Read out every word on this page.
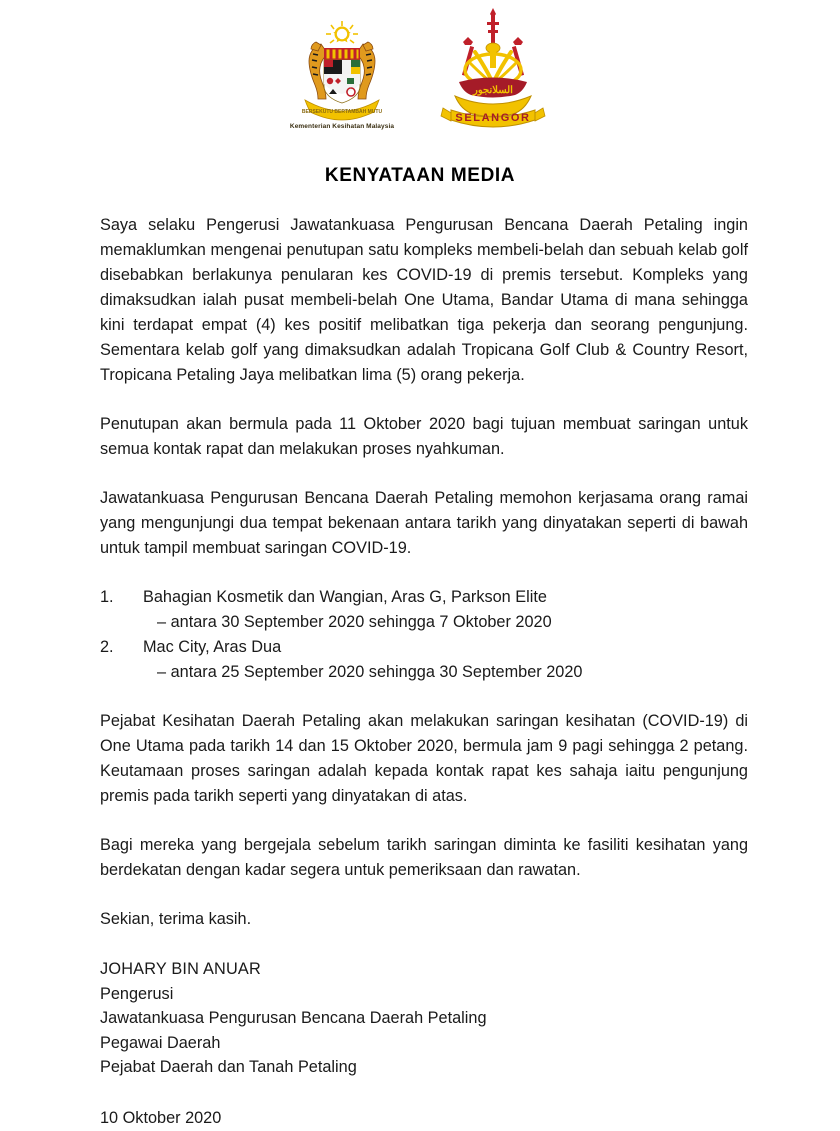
BERSEKUTU BERTAMBAH MUTU
Kementerian Kesihatan Malaysia
السلانجور
SELANGOR
KENYATAAN MEDIA

Saya selaku Pengerusi Jawatankuasa Pengurusan Bencana Daerah Petaling ingin memaklumkan mengenai penutupan satu kompleks membeli-belah dan sebuah kelab golf disebabkan berlakunya penularan kes COVID-19 di premis tersebut. Kompleks yang dimaksudkan ialah pusat membeli-belah One Utama, Bandar Utama di mana sehingga kini terdapat empat (4) kes positif melibatkan tiga pekerja dan seorang pengunjung. Sementara kelab golf yang dimaksudkan adalah Tropicana Golf Club & Country Resort, Tropicana Petaling Jaya melibatkan lima (5) orang pekerja.

Penutupan akan bermula pada 11 Oktober 2020 bagi tujuan membuat saringan untuk semua kontak rapat dan melakukan proses nyahkuman.

Jawatankuasa Pengurusan Bencana Daerah Petaling memohon kerjasama orang ramai yang mengunjungi dua tempat bekenaan antara tarikh yang dinyatakan seperti di bawah untuk tampil membuat saringan COVID-19.

1.	Bahagian Kosmetik dan Wangian, Aras G, Parkson Elite
– antara 30 September 2020 sehingga 7 Oktober 2020
2.	Mac City, Aras Dua
– antara 25 September 2020 sehingga 30 September 2020

Pejabat Kesihatan Daerah Petaling akan melakukan saringan kesihatan (COVID-19) di One Utama pada tarikh 14 dan 15 Oktober 2020, bermula jam 9 pagi sehingga 2 petang. Keutamaan proses saringan adalah kepada kontak rapat kes sahaja iaitu pengunjung premis pada tarikh seperti yang dinyatakan di atas.

Bagi mereka yang bergejala sebelum tarikh saringan diminta ke fasiliti kesihatan yang berdekatan dengan kadar segera untuk pemeriksaan dan rawatan.

Sekian, terima kasih.
JOHARY BIN ANUAR
Pengerusi
Jawatankuasa Pengurusan Bencana Daerah Petaling
Pegawai Daerah
Pejabat Daerah dan Tanah Petaling
10 Oktober 2020
